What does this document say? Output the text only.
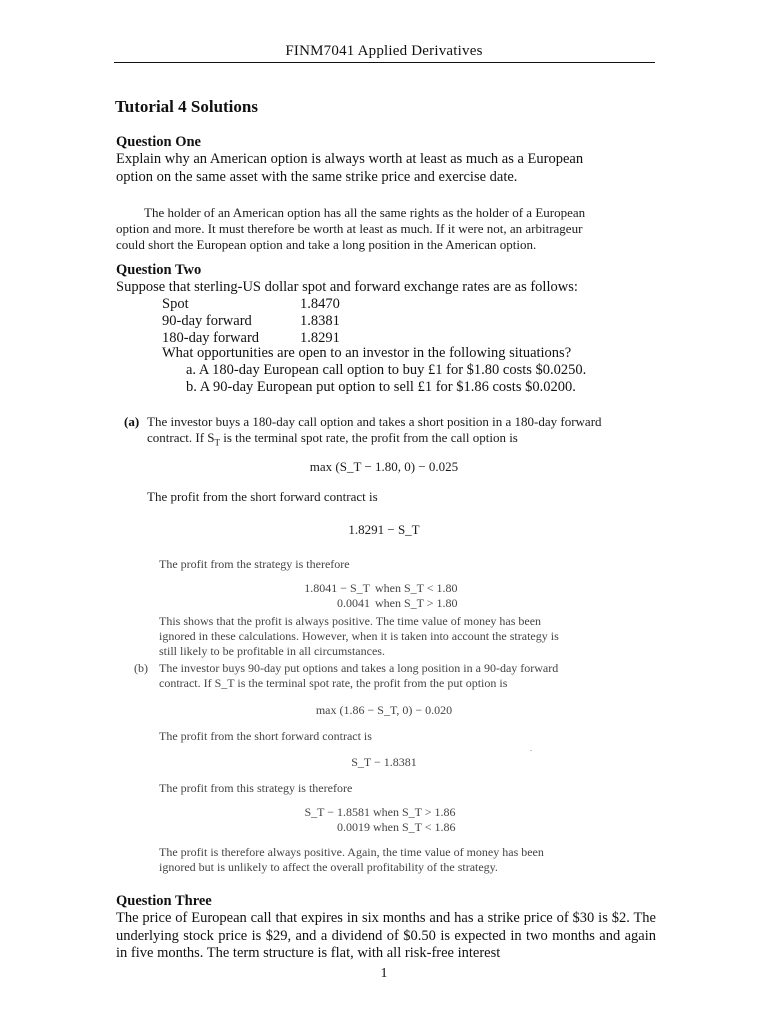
FINM7041 Applied Derivatives
Tutorial 4 Solutions
Question One
Explain why an American option is always worth at least as much as a European
option on the same asset with the same strike price and exercise date.
The holder of an American option has all the same rights as the holder of a European
option and more. It must therefore be worth at least as much. If it were not, an arbitrageur
could short the European option and take a long position in the American option.
Question Two
Suppose that sterling-US dollar spot and forward exchange rates are as follows:
Spot	1.8470
90-day forward	1.8381
180-day forward	1.8291
What opportunities are open to an investor in the following situations?
a. A 180-day European call option to buy £1 for $1.80 costs $0.0250.
b. A 90-day European put option to sell £1 for $1.86 costs $0.0200.
(a) The investor buys a 180-day call option and takes a short position in a 180-day forward
contract. If $S_T$ is the terminal spot rate, the profit from the call option is
max (S_T − 1.80, 0) − 0.025
The profit from the short forward contract is
1.8291 − S_T
The profit from the strategy is therefore
1.8041 − S_T when S_T < 1.80
0.0041 when S_T > 1.80
This shows that the profit is always positive. The time value of money has been
ignored in these calculations. However, when it is taken into account the strategy is
still likely to be profitable in all circumstances.
(b) The investor buys 90-day put options and takes a long position in a 90-day forward
contract. If S_T is the terminal spot rate, the profit from the put option is
max (1.86 − S_T, 0) − 0.020
The profit from the short forward contract is
.
S_T − 1.8381
The profit from this strategy is therefore
S_T − 1.8581 when S_T > 1.86
0.0019 when S_T < 1.86
The profit is therefore always positive. Again, the time value of money has been
ignored but is unlikely to affect the overall profitability of the strategy.
Question Three
The price of European call that expires in six months and has a strike price of $30 is $2. The underlying stock price is $29, and a dividend of $0.50 is expected in two months and again in five months. The term structure is flat, with all risk-free interest
1
